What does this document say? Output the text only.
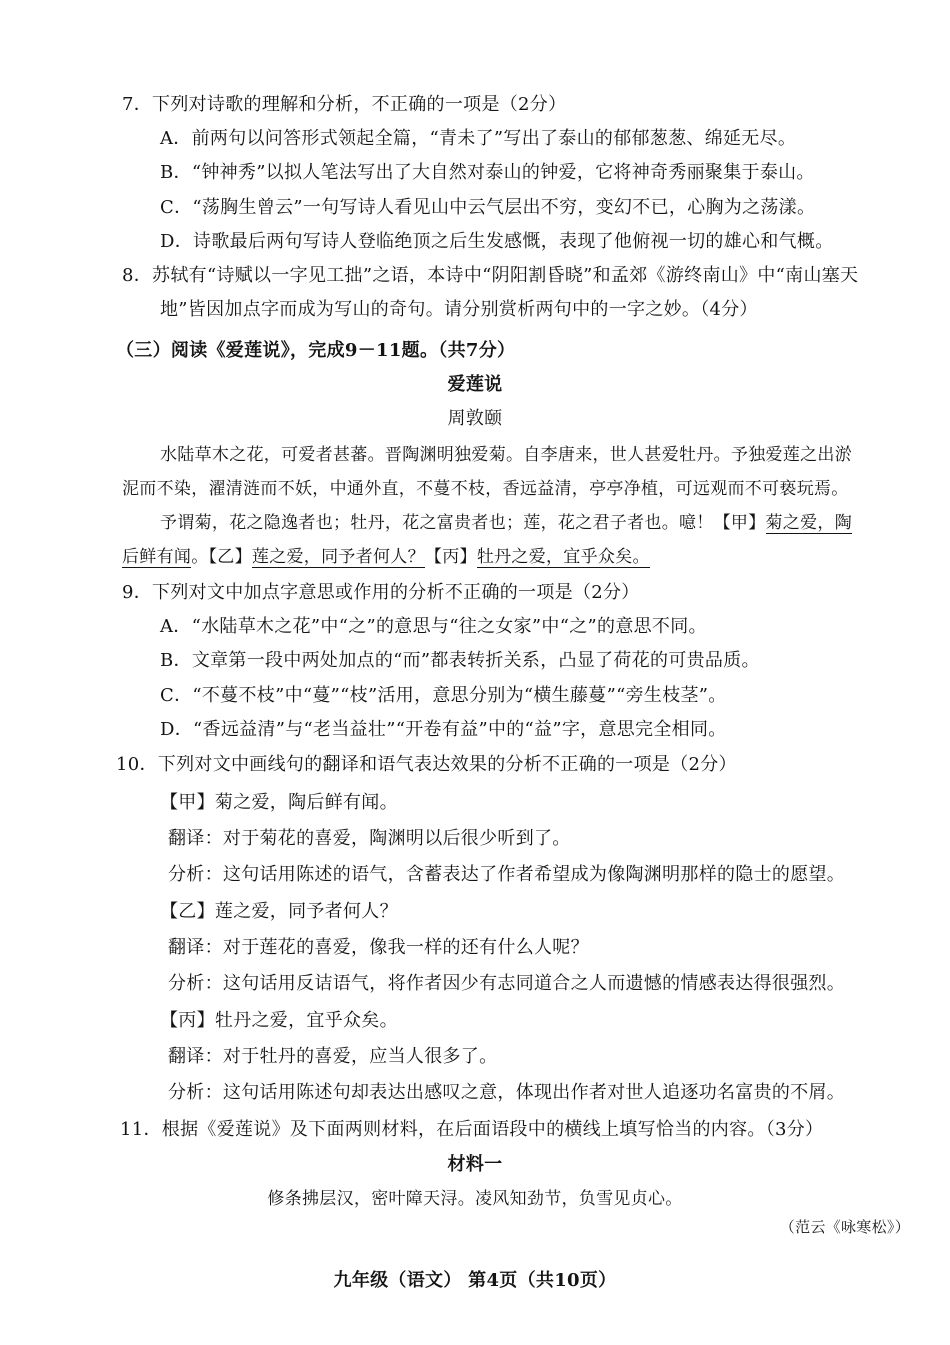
7．下列对诗歌的理解和分析，不正确的一项是（2分）
A．前两句以问答形式领起全篇，“青未了”写出了泰山的郁郁葱葱、绵延无尽。
B．“钟神秀”以拟人笔法写出了大自然对泰山的钟爱，它将神奇秀丽聚集于泰山。
C．“荡胸生曾云”一句写诗人看见山中云气层出不穷，变幻不已，心胸为之荡漾。
D．诗歌最后两句写诗人登临绝顶之后生发感慨，表现了他俯视一切的雄心和气概。
8．苏轼有“诗赋以一字见工拙”之语，本诗中“阴阳割昏晓”和孟郊《游终南山》中“南山塞天
地”皆因加点字而成为写山的奇句。请分别赏析两句中的一字之妙。（4分）
（三）阅读《爱莲说》，完成9－11题。（共7分）
爱莲说
周敦颐
水陆草木之花，可爱者甚蕃。晋陶渊明独爱菊。自李唐来，世人甚爱牡丹。予独爱莲之出淤
泥而不染，濯清涟而不妖，中通外直，不蔓不枝，香远益清，亭亭净植，可远观而不可亵玩焉。
予谓菊，花之隐逸者也；牡丹，花之富贵者也；莲，花之君子者也。噫！【甲】菊之爱，陶
后鲜有闻。【乙】莲之爱，同予者何人？【丙】牡丹之爱，宜乎众矣。
9．下列对文中加点字意思或作用的分析不正确的一项是（2分）
A．“水陆草木之花”中“之”的意思与“往之女家”中“之”的意思不同。
B．文章第一段中两处加点的“而”都表转折关系，凸显了荷花的可贵品质。
C．“不蔓不枝”中“蔓”“枝”活用，意思分别为“横生藤蔓”“旁生枝茎”。
D．“香远益清”与“老当益壮”“开卷有益”中的“益”字，意思完全相同。
10．下列对文中画线句的翻译和语气表达效果的分析不正确的一项是（2分）
【甲】菊之爱，陶后鲜有闻。
翻译：对于菊花的喜爱，陶渊明以后很少听到了。
分析：这句话用陈述的语气，含蓄表达了作者希望成为像陶渊明那样的隐士的愿望。
【乙】莲之爱，同予者何人？
翻译：对于莲花的喜爱，像我一样的还有什么人呢？
分析：这句话用反诘语气，将作者因少有志同道合之人而遗憾的情感表达得很强烈。
【丙】牡丹之爱，宜乎众矣。
翻译：对于牡丹的喜爱，应当人很多了。
分析：这句话用陈述句却表达出感叹之意，体现出作者对世人追逐功名富贵的不屑。
11．根据《爱莲说》及下面两则材料，在后面语段中的横线上填写恰当的内容。（3分）
材料一
修条拂层汉，密叶障天浔。凌风知劲节，负雪见贞心。
（范云《咏寒松》）
九年级（语文） 第4页（共10页）
